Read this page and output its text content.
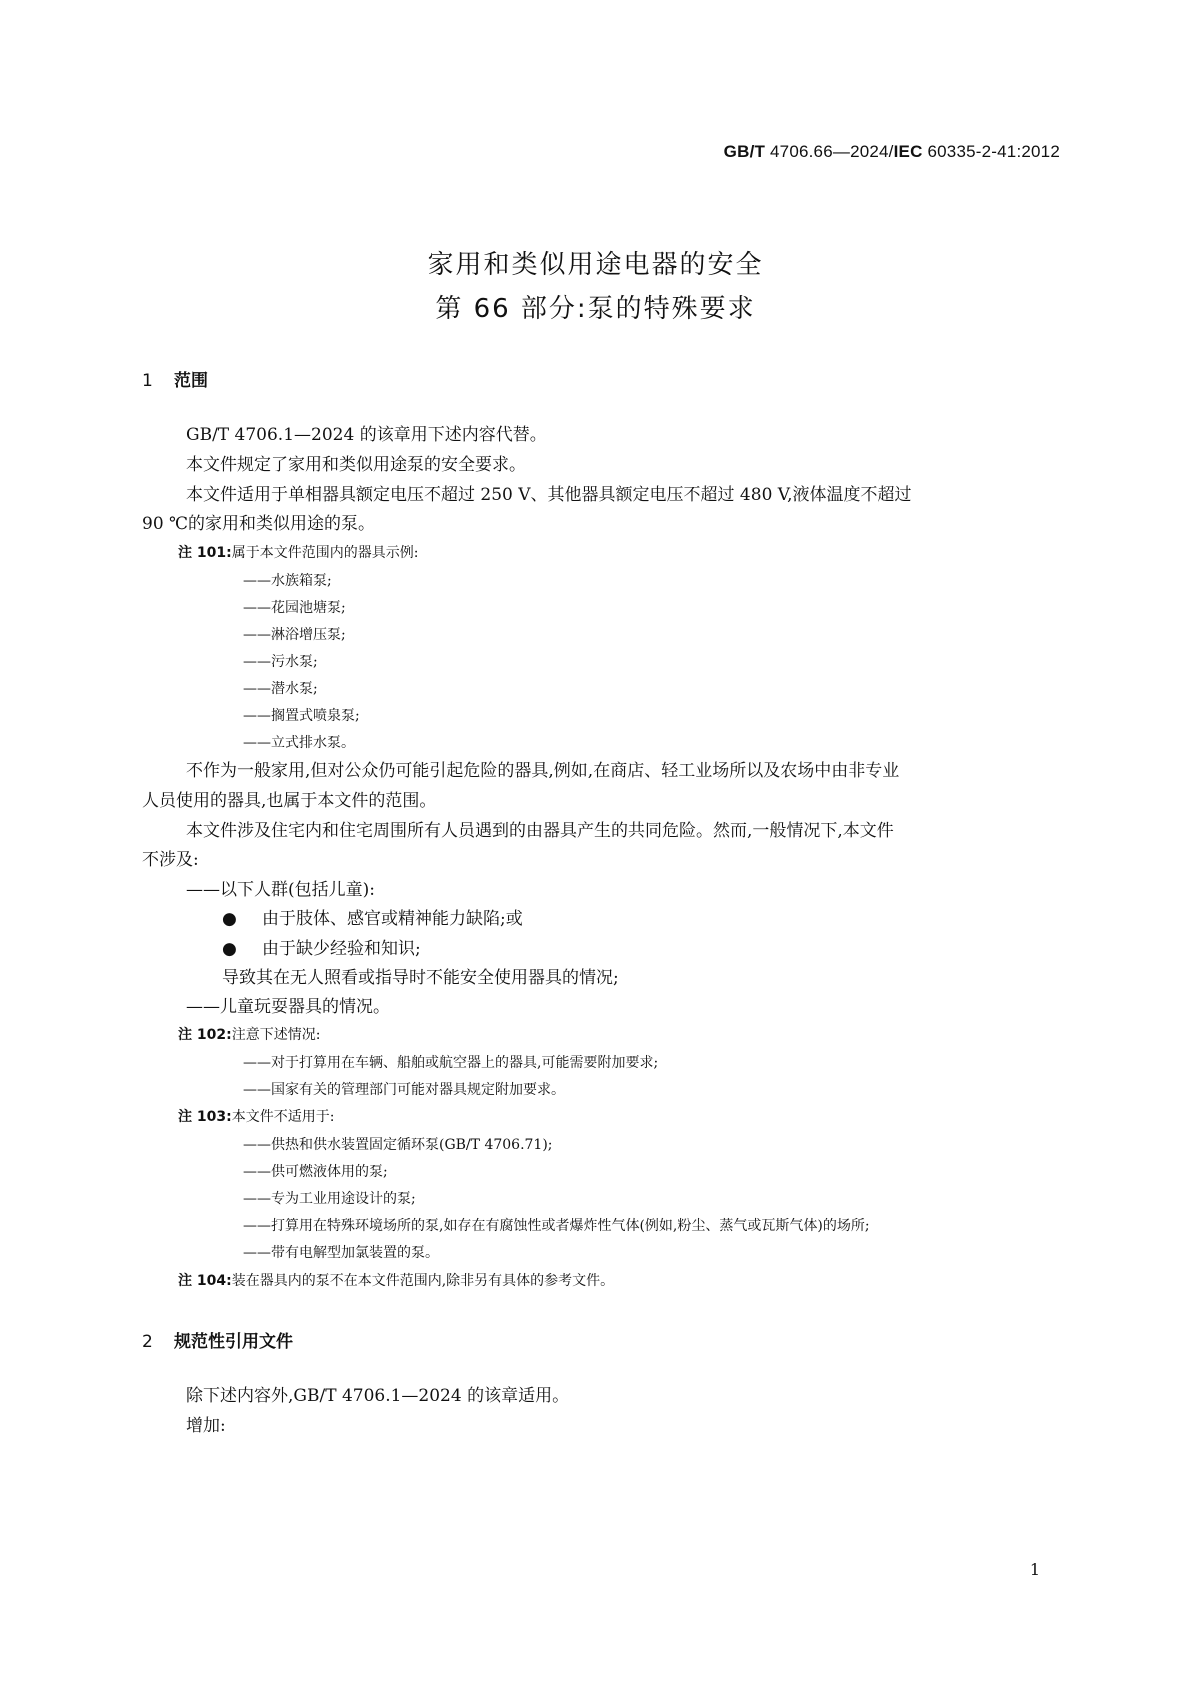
GB/T 4706.66—2024/IEC 60335-2-41:2012
家用和类似用途电器的安全
第 66 部分:泵的特殊要求
1 范围
GB/T 4706.1—2024 的该章用下述内容代替。
本文件规定了家用和类似用途泵的安全要求。
本文件适用于单相器具额定电压不超过 250 V、其他器具额定电压不超过 480 V,液体温度不超过
90 ℃的家用和类似用途的泵。
注 101:属于本文件范围内的器具示例:
——水族箱泵;
——花园池塘泵;
——淋浴增压泵;
——污水泵;
——潜水泵;
——搁置式喷泉泵;
——立式排水泵。
不作为一般家用,但对公众仍可能引起危险的器具,例如,在商店、轻工业场所以及农场中由非专业
人员使用的器具,也属于本文件的范围。
本文件涉及住宅内和住宅周围所有人员遇到的由器具产生的共同危险。然而,一般情况下,本文件
不涉及:
——以下人群(包括儿童):
● 由于肢体、感官或精神能力缺陷;或
● 由于缺少经验和知识;
导致其在无人照看或指导时不能安全使用器具的情况;
——儿童玩耍器具的情况。
注 102:注意下述情况:
——对于打算用在车辆、船舶或航空器上的器具,可能需要附加要求;
——国家有关的管理部门可能对器具规定附加要求。
注 103:本文件不适用于:
——供热和供水装置固定循环泵(GB/T 4706.71);
——供可燃液体用的泵;
——专为工业用途设计的泵;
——打算用在特殊环境场所的泵,如存在有腐蚀性或者爆炸性气体(例如,粉尘、蒸气或瓦斯气体)的场所;
——带有电解型加氯装置的泵。
注 104:装在器具内的泵不在本文件范围内,除非另有具体的参考文件。
2 规范性引用文件
除下述内容外,GB/T 4706.1—2024 的该章适用。
增加:
1
